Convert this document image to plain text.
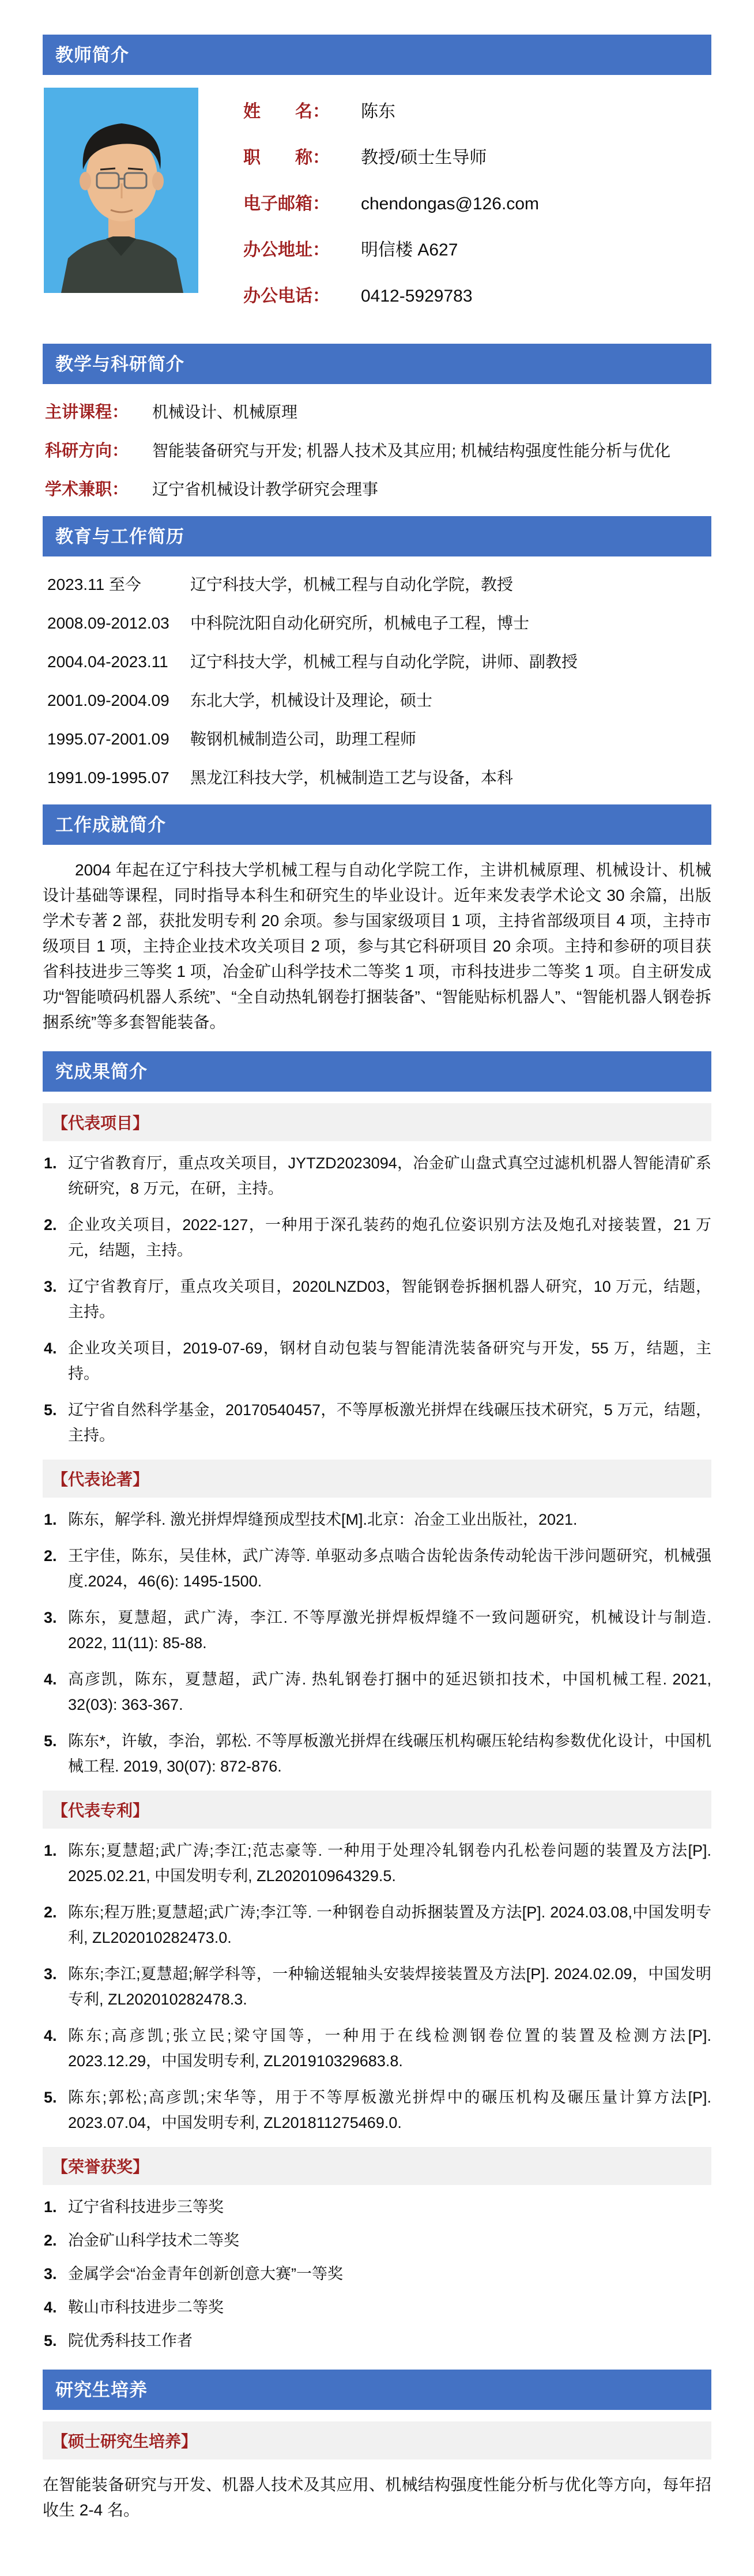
教师简介
姓　　名：	陈东
职　　称：	教授/硕士生导师
电子邮箱：	chendongas@126.com
办公地址：	明信楼 A627
办公电话：	0412-5929783
教学与科研简介
主讲课程：	机械设计、机械原理
科研方向：	智能装备研究与开发; 机器人技术及其应用; 机械结构强度性能分析与优化
学术兼职：	辽宁省机械设计教学研究会理事
教育与工作简历
2023.11 至今	辽宁科技大学，机械工程与自动化学院，教授
2008.09-2012.03	中科院沈阳自动化研究所，机械电子工程，博士
2004.04-2023.11	辽宁科技大学，机械工程与自动化学院，讲师、副教授
2001.09-2004.09	东北大学，机械设计及理论，硕士
1995.07-2001.09	鞍钢机械制造公司，助理工程师
1991.09-1995.07	黑龙江科技大学，机械制造工艺与设备，本科
工作成就简介

2004 年起在辽宁科技大学机械工程与自动化学院工作，主讲机械原理、机械设计、机械设计基础等课程，同时指导本科生和研究生的毕业设计。近年来发表学术论文 30 余篇，出版学术专著 2 部，获批发明专利 20 余项。参与国家级项目 1 项，主持省部级项目 4 项，主持市级项目 1 项，主持企业技术攻关项目 2 项，参与其它科研项目 20 余项。主持和参研的项目获省科技进步三等奖 1 项，冶金矿山科学技术二等奖 1 项，市科技进步二等奖 1 项。自主研发成功“智能喷码机器人系统”、“全自动热轧钢卷打捆装备”、“智能贴标机器人”、“智能机器人钢卷拆捆系统”等多套智能装备。

究成果简介
【代表项目】
辽宁省教育厅，重点攻关项目，JYTZD2023094，冶金矿山盘式真空过滤机机器人智能清矿系统研究，8 万元，在研，主持。
企业攻关项目，2022-127，一种用于深孔装药的炮孔位姿识别方法及炮孔对接装置，21 万元，结题，主持。
辽宁省教育厅，重点攻关项目，2020LNZD03，智能钢卷拆捆机器人研究，10 万元，结题，主持。
企业攻关项目，2019-07-69，钢材自动包装与智能清洗装备研究与开发，55 万，结题，主持。
辽宁省自然科学基金，20170540457，不等厚板激光拼焊在线碾压技术研究，5 万元，结题，主持。
【代表论著】
陈东，解学科. 激光拼焊焊缝预成型技术[M].北京：冶金工业出版社，2021.
王宇佳，陈东，吴佳林，武广涛等. 单驱动多点啮合齿轮齿条传动轮齿干涉问题研究，机械强度.2024，46(6): 1495-1500.
陈东，夏慧超，武广涛，李江. 不等厚激光拼焊板焊缝不一致问题研究，机械设计与制造. 2022, 11(11): 85-88.
高彦凯，陈东，夏慧超，武广涛. 热轧钢卷打捆中的延迟锁扣技术，中国机械工程. 2021, 32(03): 363-367.
陈东*，许敏，李治，郭松. 不等厚板激光拼焊在线碾压机构碾压轮结构参数优化设计，中国机械工程. 2019, 30(07): 872-876.
【代表专利】
陈东;夏慧超;武广涛;李江;范志豪等. 一种用于处理冷轧钢卷内孔松卷问题的装置及方法[P]. 2025.02.21, 中国发明专利, ZL202010964329.5.
陈东;程万胜;夏慧超;武广涛;李江等. 一种钢卷自动拆捆装置及方法[P]. 2024.03.08,中国发明专利, ZL202010282473.0.
陈东;李江;夏慧超;解学科等，一种输送辊轴头安装焊接装置及方法[P]. 2024.02.09，中国发明专利, ZL202010282478.3.
陈东;高彦凯;张立民;梁守国等，一种用于在线检测钢卷位置的装置及检测方法[P]. 2023.12.29，中国发明专利, ZL201910329683.8.
陈东;郭松;高彦凯;宋华等，用于不等厚板激光拼焊中的碾压机构及碾压量计算方法[P]. 2023.07.04，中国发明专利, ZL201811275469.0.
【荣誉获奖】
辽宁省科技进步三等奖
冶金矿山科学技术二等奖
金属学会“冶金青年创新创意大赛”一等奖
鞍山市科技进步二等奖
院优秀科技工作者
研究生培养
【硕士研究生培养】

在智能装备研究与开发、机器人技术及其应用、机械结构强度性能分析与优化等方向，每年招收生 2-4 名。
